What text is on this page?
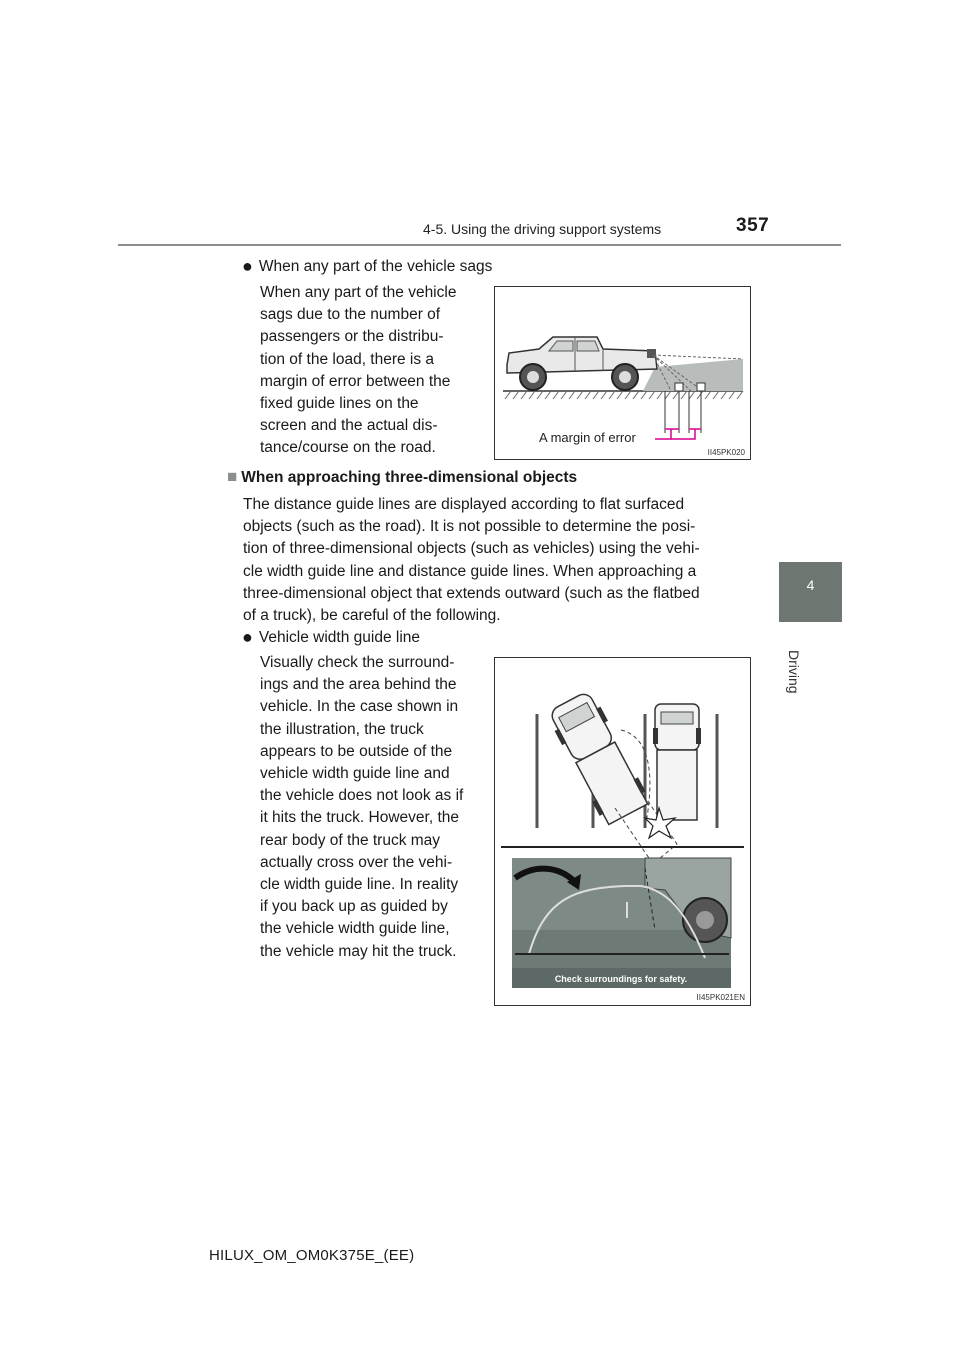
4-5. Using the driving support systems	357
4
Driving
● When any part of the vehicle sags
When any part of the vehicle
sags due to the number of
passengers or the distribu-
tion of the load, there is a
margin of error between the
fixed guide lines on the
screen and the actual dis-
tance/course on the road.
A margin of error
II45PK020
■ When approaching three-dimensional objects
The distance guide lines are displayed according to flat surfaced
objects (such as the road). It is not possible to determine the posi-
tion of three-dimensional objects (such as vehicles) using the vehi-
cle width guide line and distance guide lines. When approaching a
three-dimensional object that extends outward (such as the flatbed
of a truck), be careful of the following.
● Vehicle width guide line
Visually check the surround-
ings and the area behind the
vehicle. In the case shown in
the illustration, the truck
appears to be outside of the
vehicle width guide line and
the vehicle does not look as if
it hits the truck. However, the
rear body of the truck may
actually cross over the vehi-
cle width guide line. In reality
if you back up as guided by
the vehicle width guide line,
the vehicle may hit the truck.
Check surroundings for safety.
II45PK021EN
HILUX_OM_OM0K375E_(EE)
